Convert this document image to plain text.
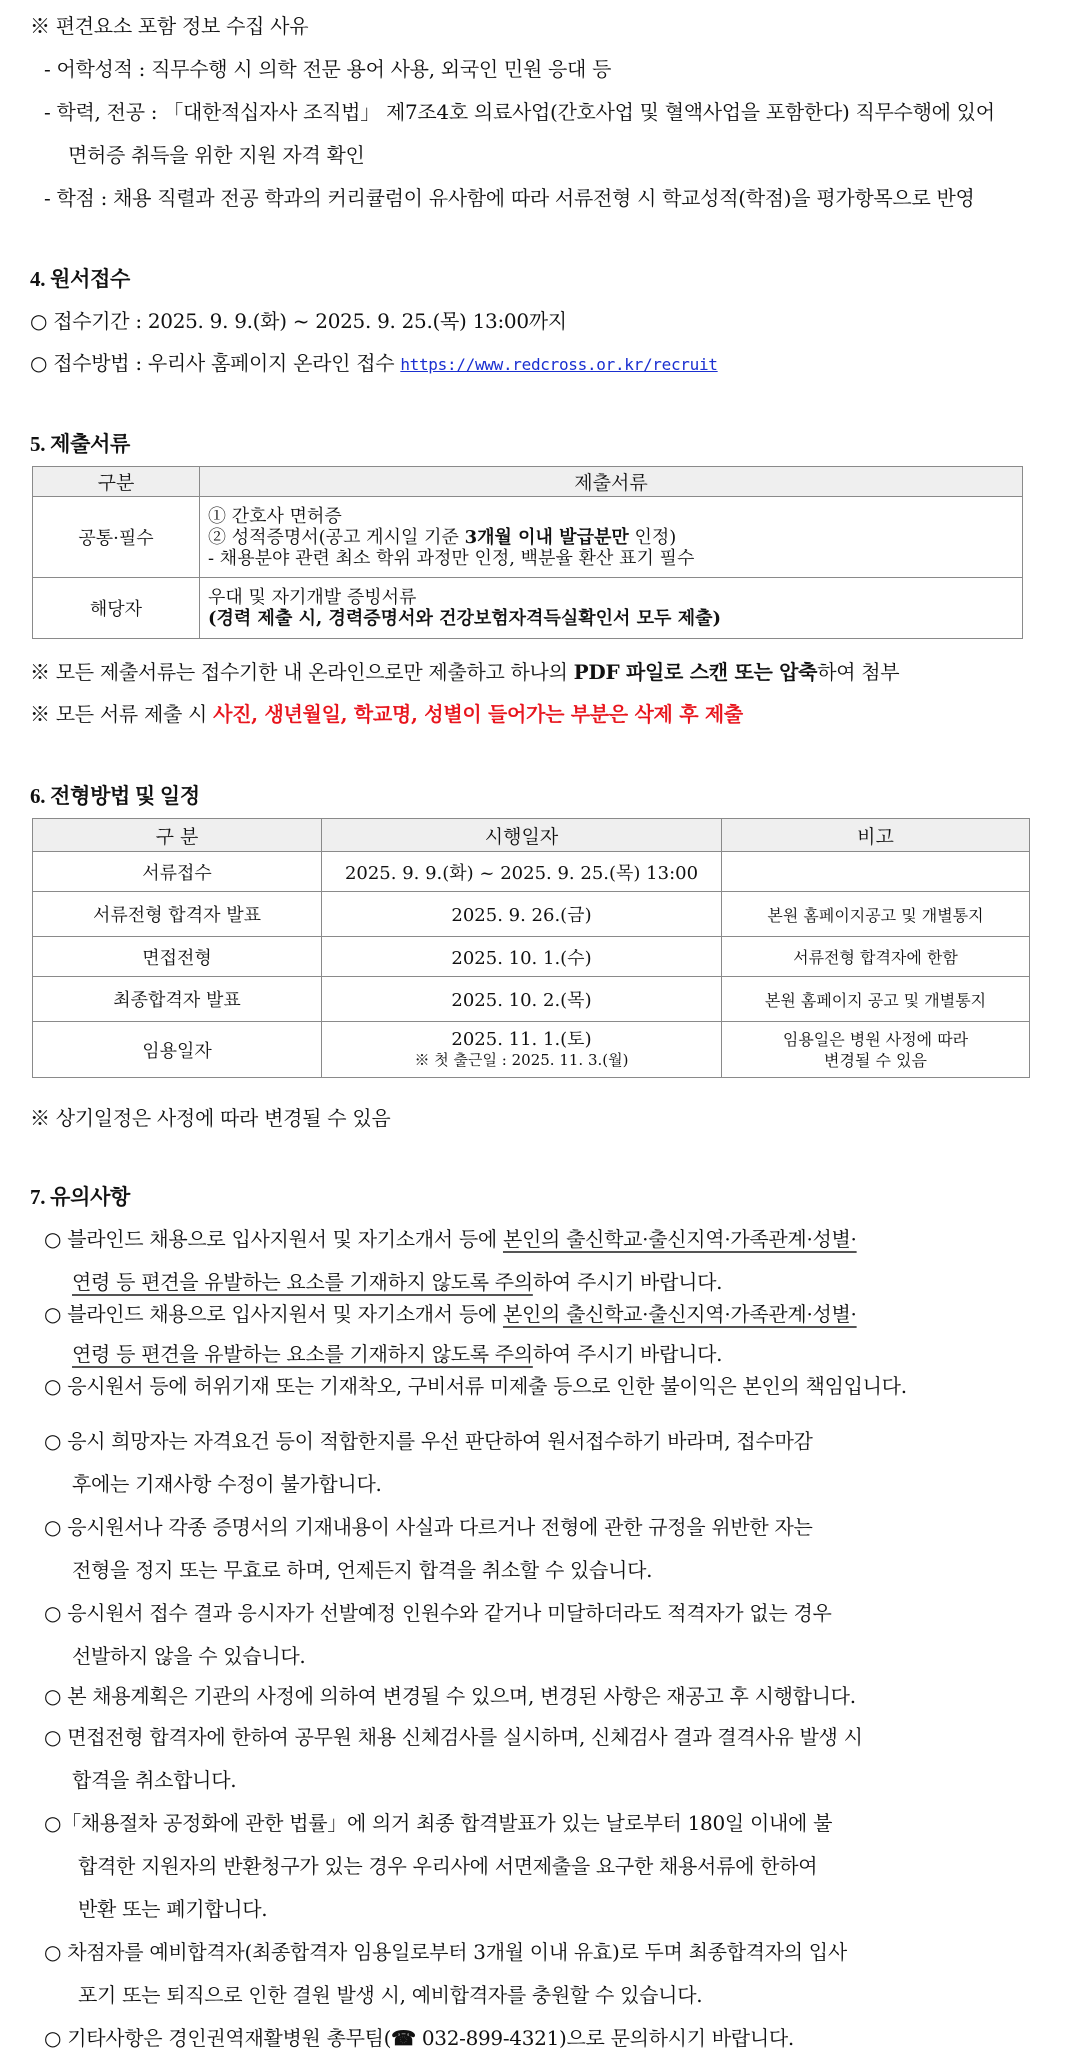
※ 편견요소 포함 정보 수집 사유
- 어학성적 : 직무수행 시 의학 전문 용어 사용, 외국인 민원 응대 등
- 학력, 전공 : 「대한적십자사 조직법」 제7조4호 의료사업(간호사업 및 혈액사업을 포함한다) 직무수행에 있어
면허증 취득을 위한 지원 자격 확인
- 학점 : 채용 직렬과 전공 학과의 커리큘럼이 유사함에 따라 서류전형 시 학교성적(학점)을 평가항목으로 반영
4. 원서접수
○ 접수기간 : 2025. 9. 9.(화) ~ 2025. 9. 25.(목) 13:00까지
○ 접수방법 : 우리사 홈페이지 온라인 접수 https://www.redcross.or.kr/recruit
5. 제출서류
구분	제출서류
공통·필수	① 간호사 면허증
② 성적증명서(공고 게시일 기준 3개월 이내 발급분만 인정)
- 채용분야 관련 최소 학위 과정만 인정, 백분율 환산 표기 필수

해당자	우대 및 자기개발 증빙서류
(경력 제출 시, 경력증명서와 건강보험자격득실확인서 모두 제출)
※ 모든 제출서류는 접수기한 내 온라인으로만 제출하고 하나의 PDF 파일로 스캔 또는 압축하여 첨부
※ 모든 서류 제출 시 사진, 생년월일, 학교명, 성별이 들어가는 부분은 삭제 후 제출
6. 전형방법 및 일정
구 분	시행일자	비고
서류접수	2025. 9. 9.(화) ~ 2025. 9. 25.(목) 13:00	
서류전형 합격자 발표	2025. 9. 26.(금)	본원 홈페이지공고 및 개별통지
면접전형	2025. 10. 1.(수)	서류전형 합격자에 한함
최종합격자 발표	2025. 10. 2.(목)	본원 홈페이지 공고 및 개별통지
임용일자	2025. 11. 1.(토)
※ 첫 출근일 : 2025. 11. 3.(월)	임용일은 병원 사정에 따라
변경될 수 있음
※ 상기일정은 사정에 따라 변경될 수 있음
7. 유의사항
○ 블라인드 채용으로 입사지원서 및 자기소개서 등에 본인의 출신학교·출신지역·가족관계·성별·
연령 등 편견을 유발하는 요소를 기재하지 않도록 주의하여 주시기 바랍니다.
○ 블라인드 채용으로 입사지원서 및 자기소개서 등에 본인의 출신학교·출신지역·가족관계·성별·
연령 등 편견을 유발하는 요소를 기재하지 않도록 주의하여 주시기 바랍니다.
○ 응시원서 등에 허위기재 또는 기재착오, 구비서류 미제출 등으로 인한 불이익은 본인의 책임입니다.
○ 응시 희망자는 자격요건 등이 적합한지를 우선 판단하여 원서접수하기 바라며, 접수마감
후에는 기재사항 수정이 불가합니다.
○ 응시원서나 각종 증명서의 기재내용이 사실과 다르거나 전형에 관한 규정을 위반한 자는
전형을 정지 또는 무효로 하며, 언제든지 합격을 취소할 수 있습니다.
○ 응시원서 접수 결과 응시자가 선발예정 인원수와 같거나 미달하더라도 적격자가 없는 경우
선발하지 않을 수 있습니다.
○ 본 채용계획은 기관의 사정에 의하여 변경될 수 있으며, 변경된 사항은 재공고 후 시행합니다.
○ 면접전형 합격자에 한하여 공무원 채용 신체검사를 실시하며, 신체검사 결과 결격사유 발생 시
합격을 취소합니다.
○「채용절차 공정화에 관한 법률」에 의거 최종 합격발표가 있는 날로부터 180일 이내에 불
합격한 지원자의 반환청구가 있는 경우 우리사에 서면제출을 요구한 채용서류에 한하여
반환 또는 폐기합니다.
○ 차점자를 예비합격자(최종합격자 임용일로부터 3개월 이내 유효)로 두며 최종합격자의 입사
포기 또는 퇴직으로 인한 결원 발생 시, 예비합격자를 충원할 수 있습니다.
○ 기타사항은 경인권역재활병원 총무팀(☎ 032-899-4321)으로 문의하시기 바랍니다.
